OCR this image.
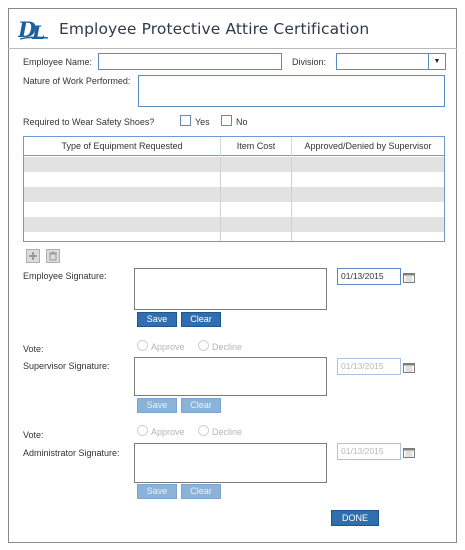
D
L Employee Protective Attire Certification
Employee Name:	Division:	▼
Nature of Work Performed:
Required to Wear Safety Shoes?	Yes	No
Type of Equipment Requested	Item Cost	Approved/Denied by Supervisor
Employee Signature:	01/13/2015
Save	Clear
Vote:	Approve	Decline
Supervisor Signature:	01/13/2015
Save	Clear
Vote:	Approve	Decline
Administrator Signature:	01/13/2015
Save	Clear
DONE
